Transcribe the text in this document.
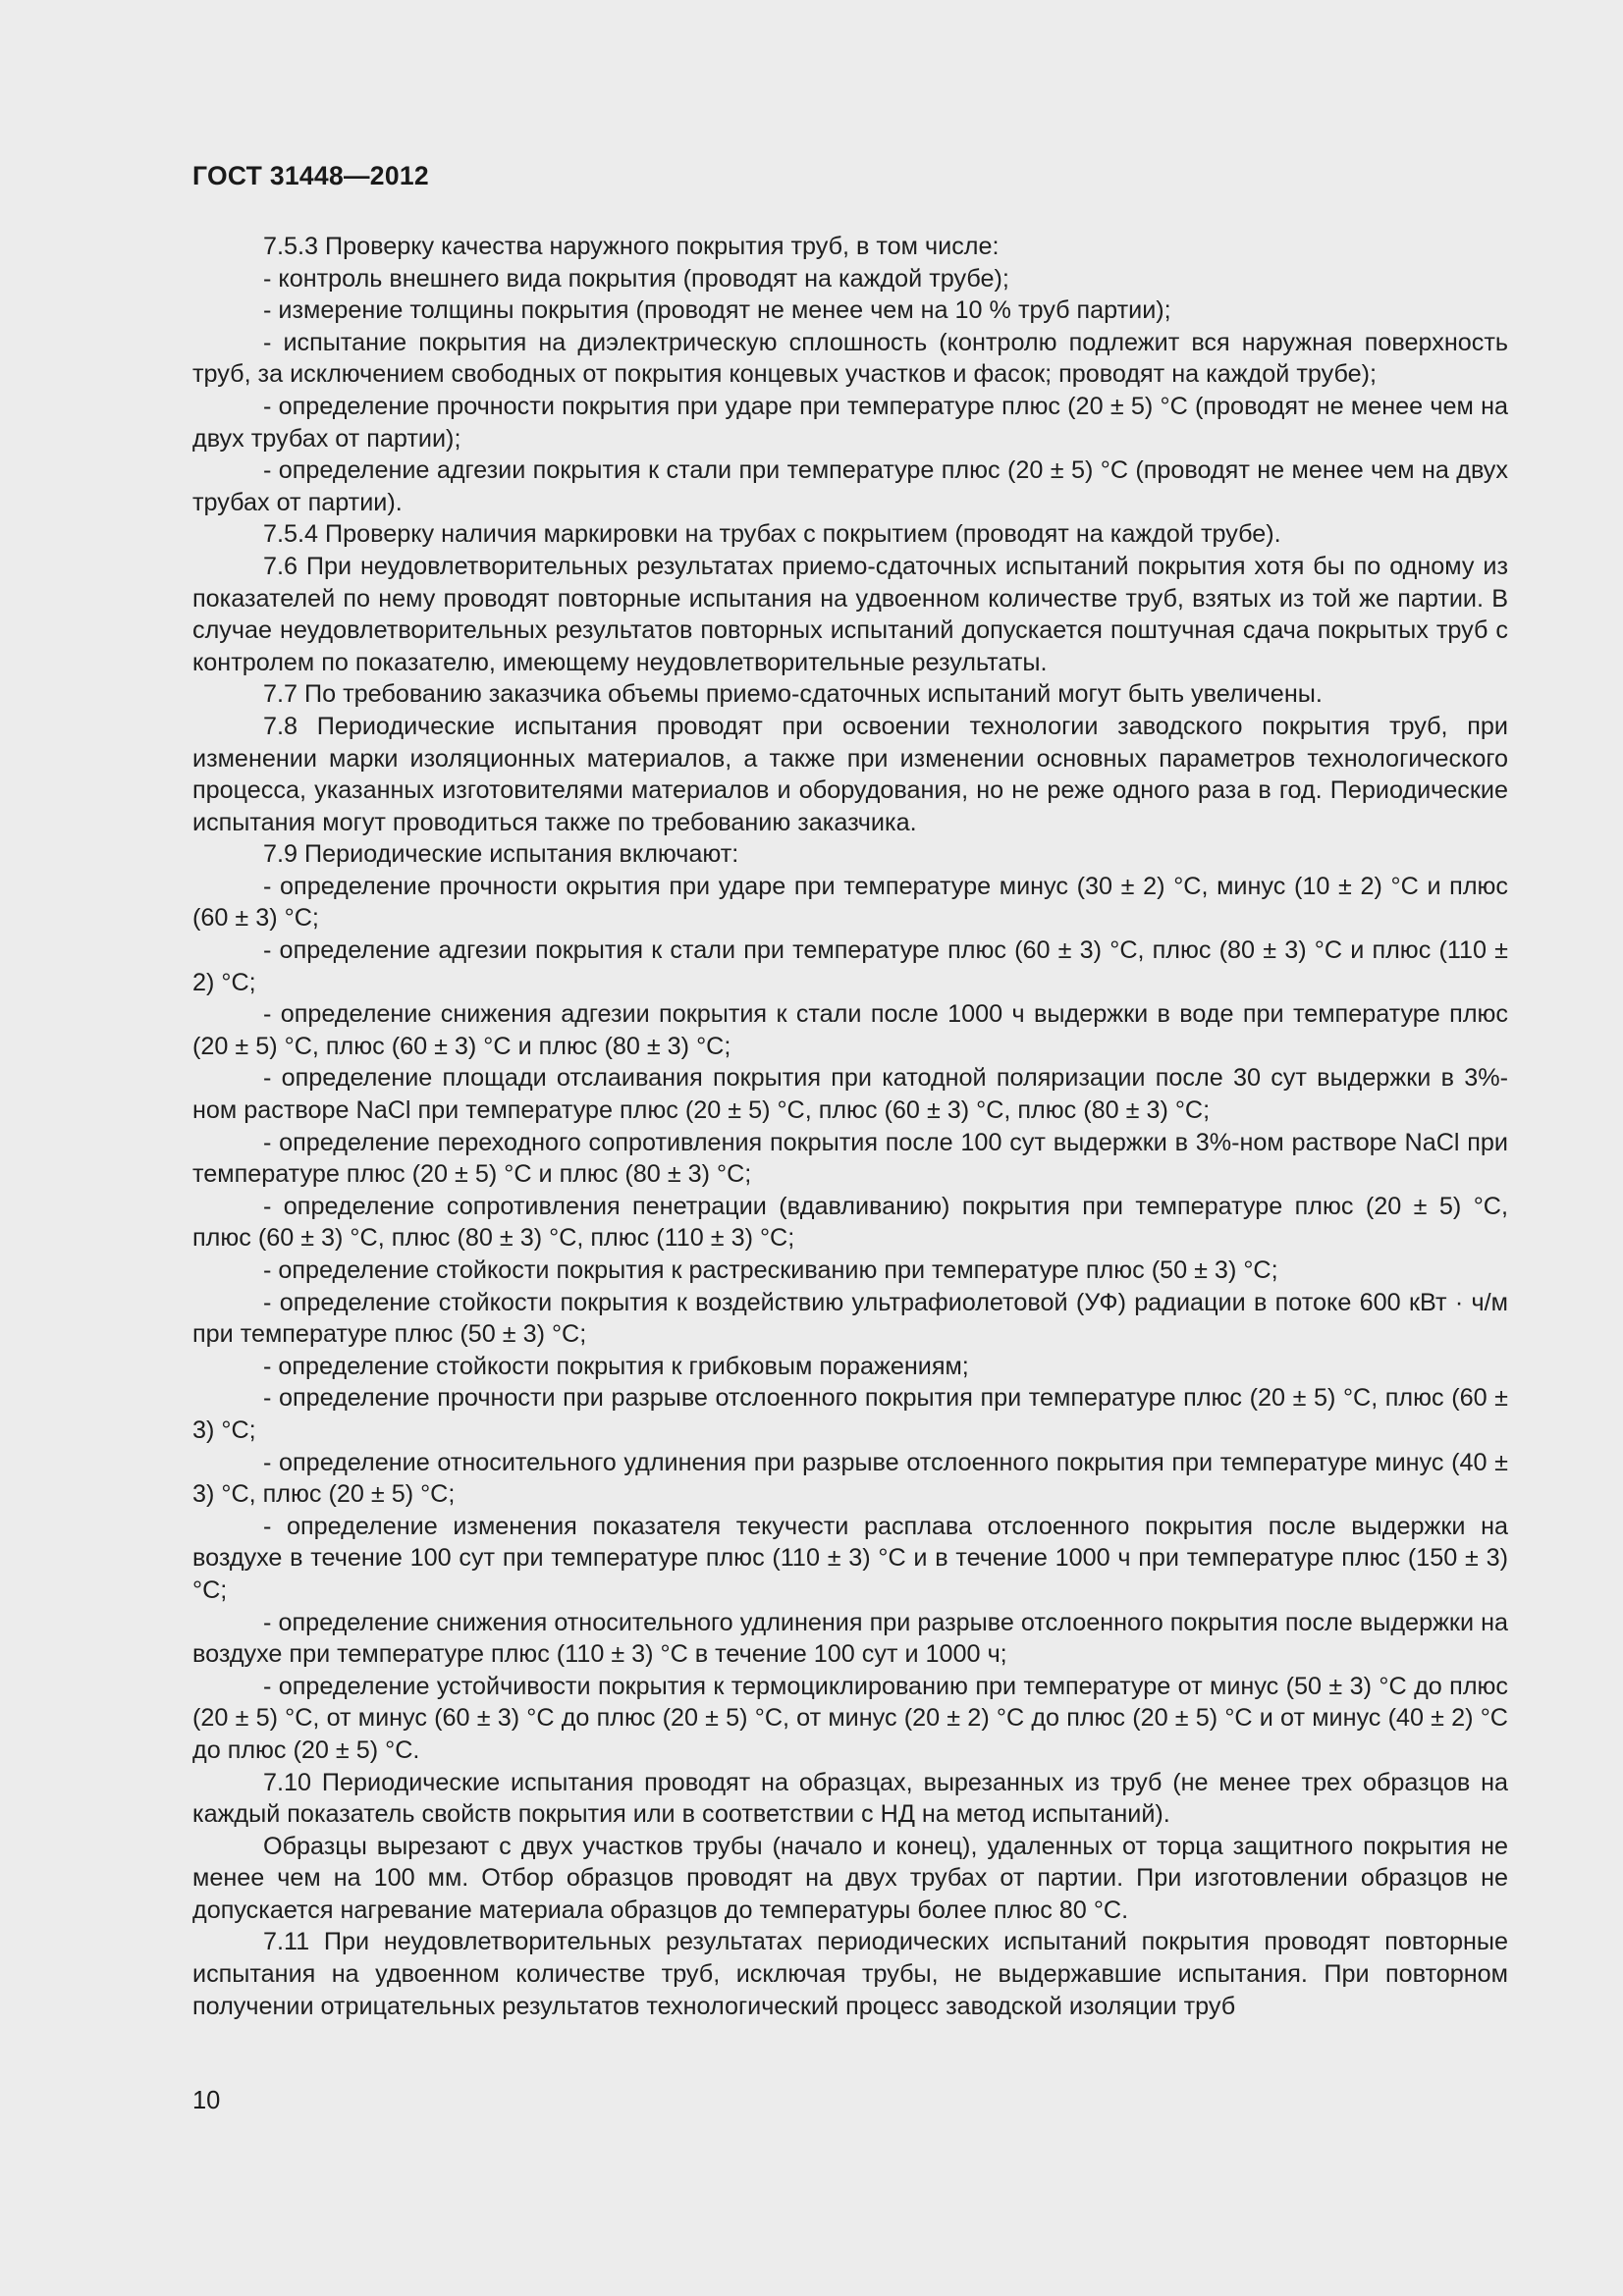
ГОСТ 31448—2012

7.5.3 Проверку качества наружного покрытия труб, в том числе:

- контроль внешнего вида покрытия (проводят на каждой трубе);

- измерение толщины покрытия (проводят не менее чем на 10 % труб партии);

- испытание покрытия на диэлектрическую сплошность (контролю подлежит вся наружная поверхность труб, за исключением свободных от покрытия концевых участков и фасок; проводят на каждой трубе);

- определение прочности покрытия при ударе при температуре плюс (20 ± 5) °С (проводят не менее чем на двух трубах от партии);

- определение адгезии покрытия к стали при температуре плюс (20 ± 5) °С (проводят не менее чем на двух трубах от партии).

7.5.4 Проверку наличия маркировки на трубах с покрытием (проводят на каждой трубе).

7.6 При неудовлетворительных результатах приемо-сдаточных испытаний покрытия хотя бы по одному из показателей по нему проводят повторные испытания на удвоенном количестве труб, взятых из той же партии. В случае неудовлетворительных результатов повторных испытаний допускается поштучная сдача покрытых труб с контролем по показателю, имеющему неудовлетворительные результаты.

7.7 По требованию заказчика объемы приемо-сдаточных испытаний могут быть увеличены.

7.8 Периодические испытания проводят при освоении технологии заводского покрытия труб, при изменении марки изоляционных материалов, а также при изменении основных параметров технологического процесса, указанных изготовителями материалов и оборудования, но не реже одного раза в год. Периодические испытания могут проводиться также по требованию заказчика.

7.9 Периодические испытания включают:

- определение прочности окрытия при ударе при температуре минус (30 ± 2) °С, минус (10 ± 2) °С и плюс (60 ± 3) °С;

- определение адгезии покрытия к стали при температуре плюс (60 ± 3) °С, плюс (80 ± 3) °С и плюс (110 ± 2) °С;

- определение снижения адгезии покрытия к стали после 1000 ч выдержки в воде при температуре плюс (20 ± 5) °С, плюс (60 ± 3) °С и плюс (80 ± 3) °С;

- определение площади отслаивания покрытия при катодной поляризации после 30 сут выдержки в 3%-ном растворе NaCl при температуре плюс (20 ± 5) °С, плюс (60 ± 3) °С, плюс (80 ± 3) °С;

- определение переходного сопротивления покрытия после 100 сут выдержки в 3%-ном растворе NaCl при температуре плюс (20 ± 5) °С и плюс (80 ± 3) °С;

- определение сопротивления пенетрации (вдавливанию) покрытия при температуре плюс (20 ± 5) °С, плюс (60 ± 3) °С, плюс (80 ± 3) °С, плюс (110 ± 3) °С;

- определение стойкости покрытия к растрескиванию при температуре плюс (50 ± 3) °С;

- определение стойкости покрытия к воздействию ультрафиолетовой (УФ) радиации в потоке 600 кВт · ч/м при температуре плюс (50 ± 3) °С;

- определение стойкости покрытия к грибковым поражениям;

- определение прочности при разрыве отслоенного покрытия при температуре плюс (20 ± 5) °С, плюс (60 ± 3) °С;

- определение относительного удлинения при разрыве отслоенного покрытия при температуре минус (40 ± 3) °С, плюс (20 ± 5) °С;

- определение изменения показателя текучести расплава отслоенного покрытия после выдержки на воздухе в течение 100 сут при температуре плюс (110 ± 3) °С и в течение 1000 ч при температуре плюс (150 ± 3) °С;

- определение снижения относительного удлинения при разрыве отслоенного покрытия после выдержки на воздухе при температуре плюс (110 ± 3) °С в течение 100 сут и 1000 ч;

- определение устойчивости покрытия к термоциклированию при температуре от минус (50 ± 3) °С до плюс (20 ± 5) °С, от минус (60 ± 3) °С до плюс (20 ± 5) °С, от минус (20 ± 2) °С до плюс (20 ± 5) °С и от минус (40 ± 2) °С до плюс (20 ± 5) °С.

7.10 Периодические испытания проводят на образцах, вырезанных из труб (не менее трех образцов на каждый показатель свойств покрытия или в соответствии с НД на метод испытаний).

Образцы вырезают с двух участков трубы (начало и конец), удаленных от торца защитного покрытия не менее чем на 100 мм. Отбор образцов проводят на двух трубах от партии. При изготовлении образцов не допускается нагревание материала образцов до температуры более плюс 80 °С.

7.11 При неудовлетворительных результатах периодических испытаний покрытия проводят повторные испытания на удвоенном количестве труб, исключая трубы, не выдержавшие испытания. При повторном получении отрицательных результатов технологический процесс заводской изоляции труб

10
